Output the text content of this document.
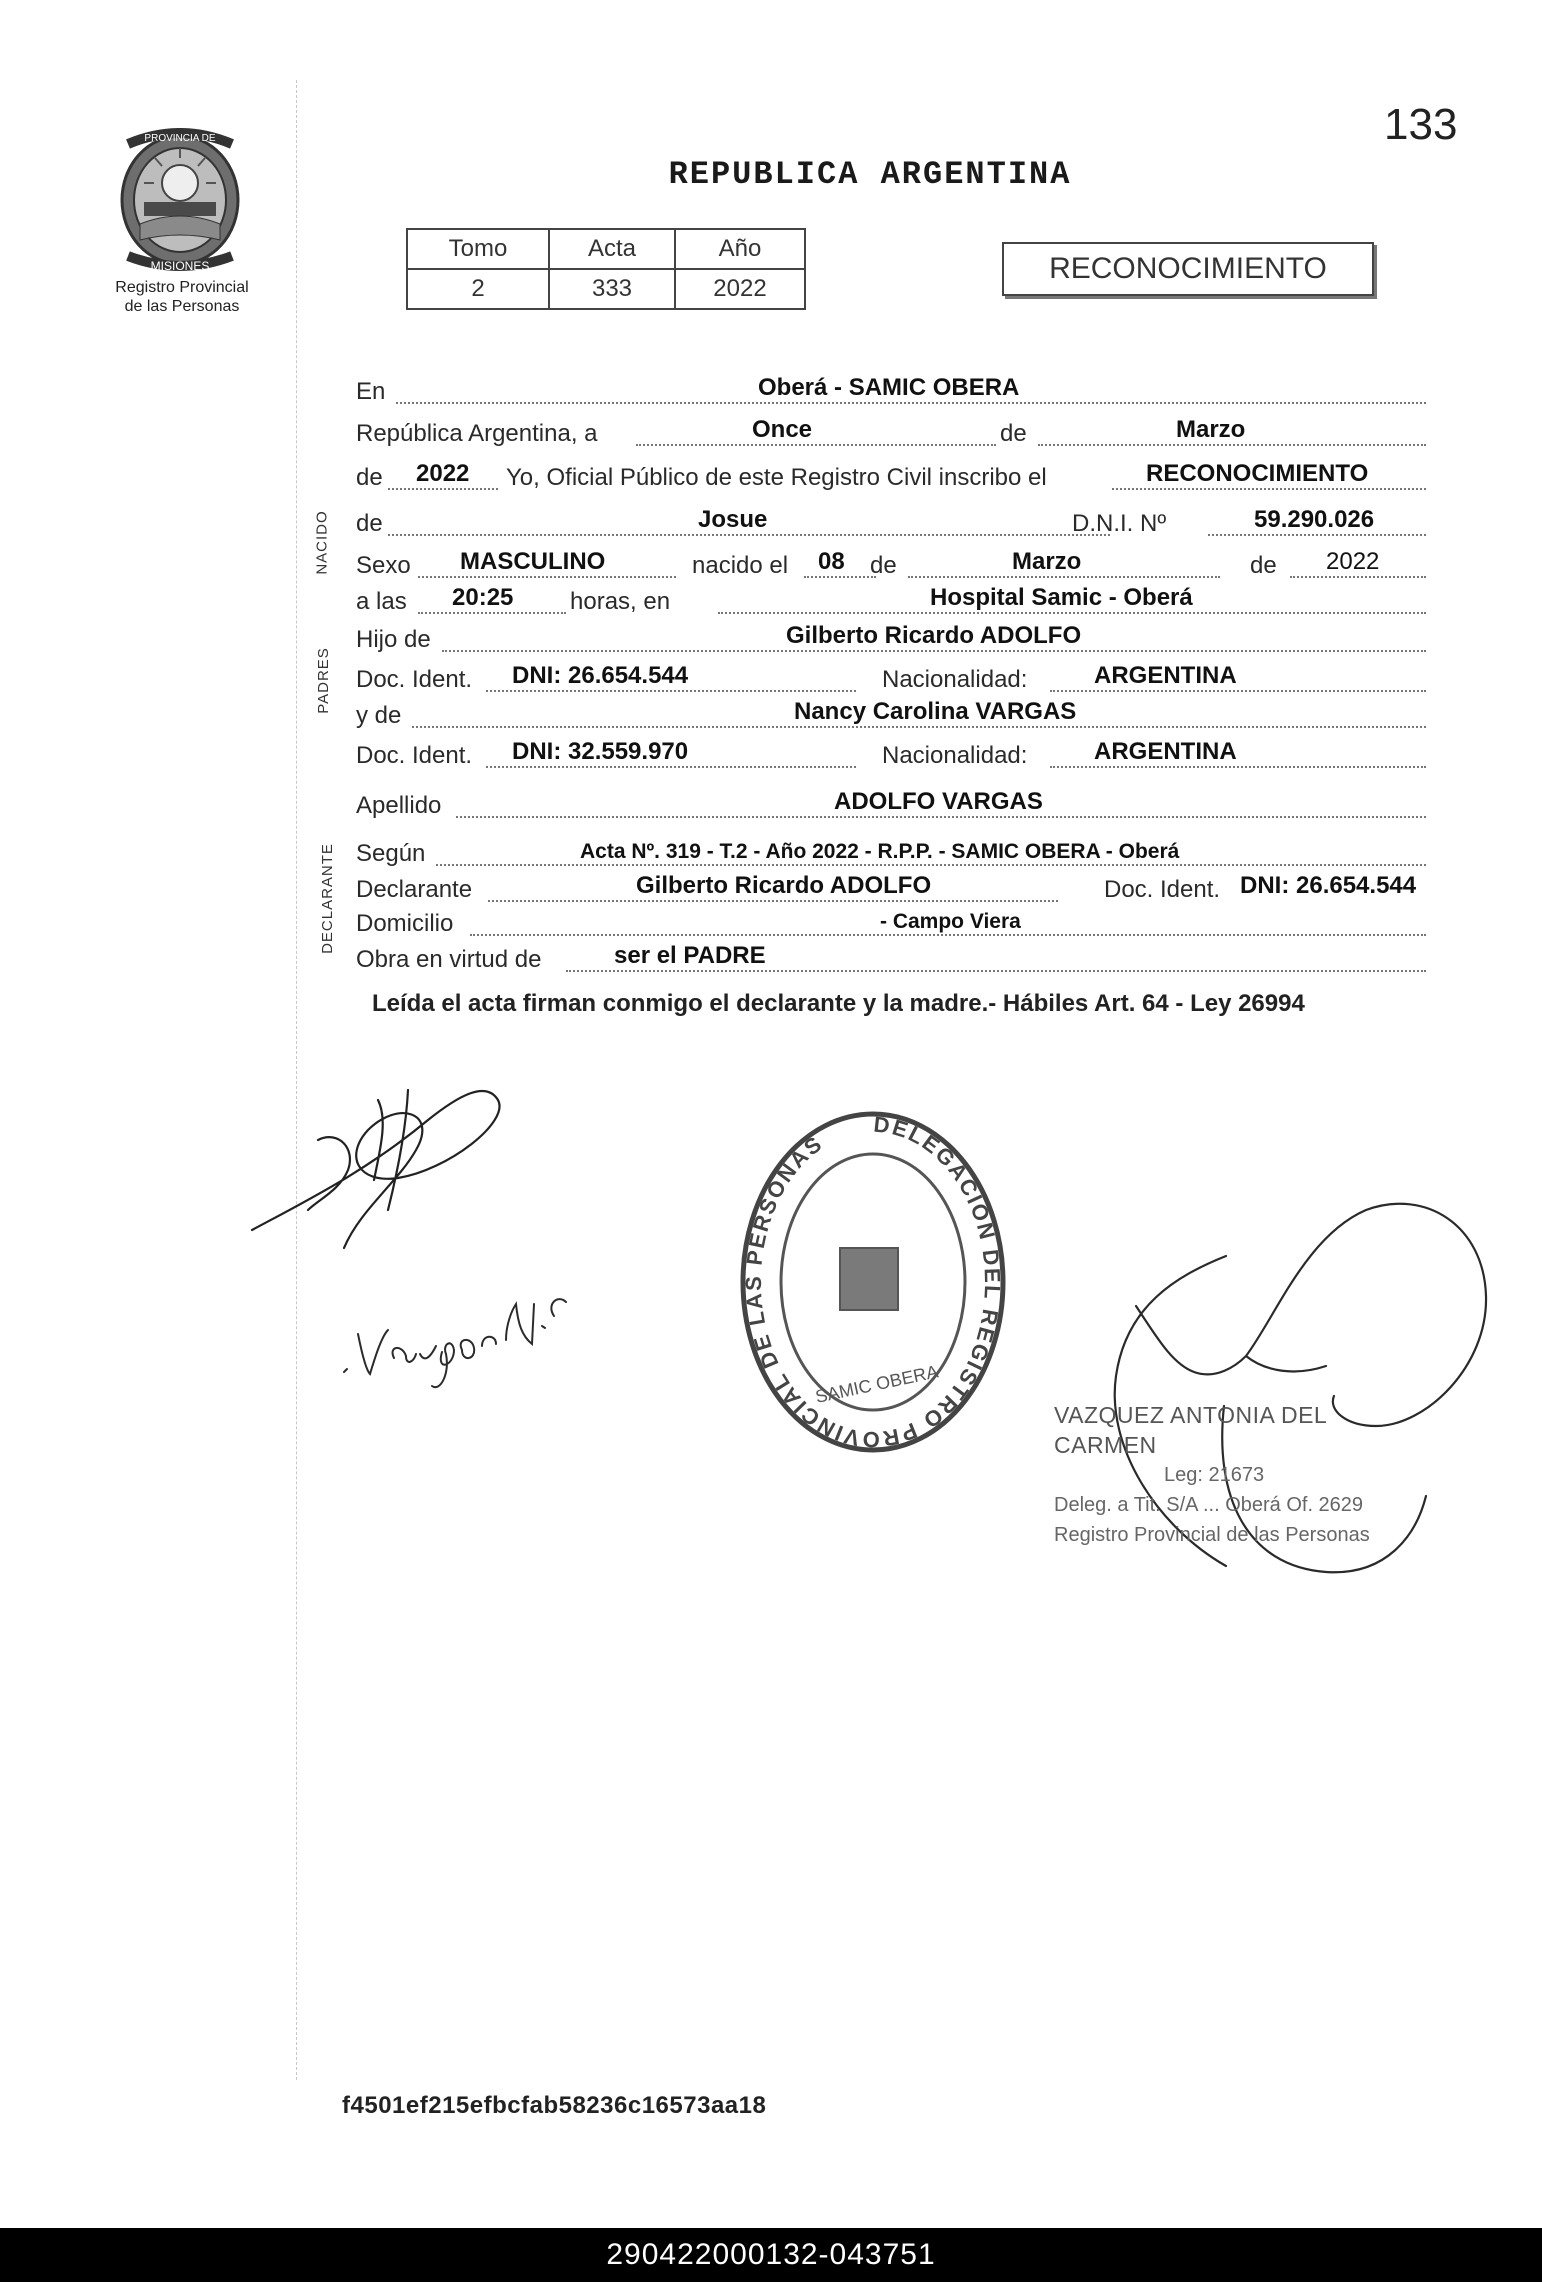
133
REPUBLICA ARGENTINA
PROVINCIA DE
MISIONES
Registro Provincial
de las Personas
Tomo	Acta	Año
2	333	2022
RECONOCIMIENTO
NACIDO
PADRES
DECLARANTE
En	Oberá - SAMIC OBERA
República Argentina, a	Once	de	Marzo
de 2022 Yo, Oficial Público de este Registro Civil inscribo el	RECONOCIMIENTO
de	Josue	D.N.I. Nº	59.290.026
Sexo MASCULINO	nacido el 08 de	Marzo	de 2022
a las 20:25 horas, en	Hospital Samic - Oberá
Hijo de	Gilberto Ricardo ADOLFO
Doc. Ident. DNI: 26.654.544	Nacionalidad:	ARGENTINA
y de	Nancy Carolina VARGAS
Doc. Ident. DNI: 32.559.970	Nacionalidad:	ARGENTINA
Apellido	ADOLFO VARGAS
Según	Acta Nº. 319 - T.2 - Año 2022 - R.P.P. - SAMIC OBERA - Oberá
Declarante	Gilberto Ricardo ADOLFO	Doc. Ident. DNI: 26.654.544
Domicilio	- Campo Viera
Obra en virtud de	ser el PADRE
Leída el acta firman conmigo el declarante y la madre.- Hábiles Art. 64 - Ley 26994
DELEGACION DEL REGISTRO PROVINCIAL DE LAS PERSONAS
SAMIC OBERA
VAZQUEZ ANTONIA DEL CARMEN
Leg: 21673
Deleg. a Tit. S/A ... Oberá Of. 2629
Registro Provincial de las Personas
f4501ef215efbcfab58236c16573aa18
290422000132-043751
